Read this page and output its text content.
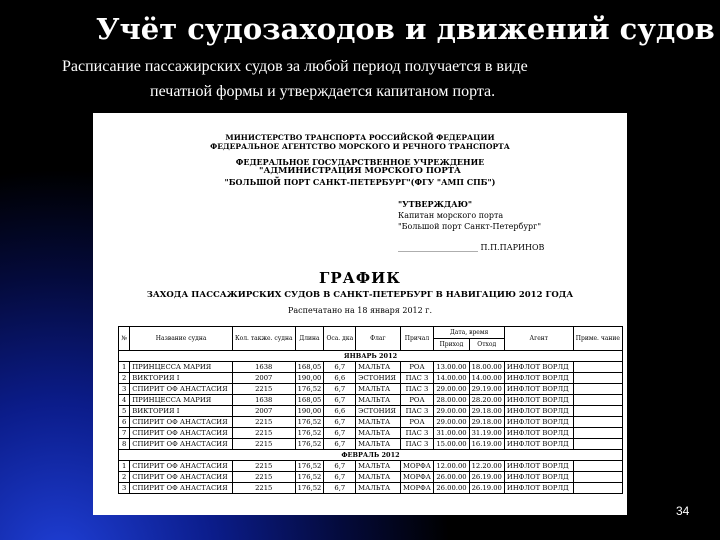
Учёт судозаходов и движений судов
Расписание пассажирских судов за любой период получается в виде
печатной формы и утверждается капитаном порта.
МИНИСТЕРСТВО ТРАНСПОРТА РОССИЙСКОЙ ФЕДЕРАЦИИ
ФЕДЕРАЛЬНОЕ АГЕНТСТВО МОРСКОГО И РЕЧНОГО ТРАНСПОРТА
ФЕДЕРАЛЬНОЕ ГОСУДАРСТВЕННОЕ УЧРЕЖДЕНИЕ
"АДМИНИСТРАЦИЯ МОРСКОГО ПОРТА
"БОЛЬШОЙ ПОРТ САНКТ-ПЕТЕРБУРГ"(ФГУ "АМП СПБ")
"УТВЕРЖДАЮ"
Капитан морского порта
"Большой порт Санкт-Петербург"
____________________ П.П.ПАРИНОВ
ГРАФИК
ЗАХОДА ПАССАЖИРСКИХ СУДОВ В САНКТ-ПЕТЕРБУРГ В НАВИГАЦИЮ 2012 ГОДА
Распечатано на 18 января 2012 г.
№	Название судна	Кол. также. судна	Длина	Оса. дка	Флаг	Причал	Дата, время		Агент	Приме. чание
							Приход	Отход		
ЯНВАРЬ 2012										
1	ПРИНЦЕССА МАРИЯ	1638	168,05	6,7	МАЛЬТА	РОА	13.00.00	18.00.00	ИНФЛОТ ВОРЛД	
2	ВИКТОРИЯ I	2007	190,00	6,6	ЭСТОНИЯ	ПАС 3	14.00.00	14.00.00	ИНФЛОТ ВОРЛД	
3	СПИРИТ ОФ АНАСТАСИЯ	2215	176,52	6,7	МАЛЬТА	ПАС 3	29.00.00	29.19.00	ИНФЛОТ ВОРЛД	
4	ПРИНЦЕССА МАРИЯ	1638	168,05	6,7	МАЛЬТА	РОА	28.00.00	28.20.00	ИНФЛОТ ВОРЛД	
5	ВИКТОРИЯ I	2007	190,00	6,6	ЭСТОНИЯ	ПАС 3	29.00.00	29.18.00	ИНФЛОТ ВОРЛД	
6	СПИРИТ ОФ АНАСТАСИЯ	2215	176,52	6,7	МАЛЬТА	РОА	29.00.00	29.18.00	ИНФЛОТ ВОРЛД	
7	СПИРИТ ОФ АНАСТАСИЯ	2215	176,52	6,7	МАЛЬТА	ПАС 3	31.00.00	31.19.00	ИНФЛОТ ВОРЛД	
8	СПИРИТ ОФ АНАСТАСИЯ	2215	176,52	6,7	МАЛЬТА	ПАС 3	15.00.00	16.19.00	ИНФЛОТ ВОРЛД	
ФЕВРАЛЬ 2012										
1	СПИРИТ ОФ АНАСТАСИЯ	2215	176,52	6,7	МАЛЬТА	МОРФА	12.00.00	12.20.00	ИНФЛОТ ВОРЛД	
2	СПИРИТ ОФ АНАСТАСИЯ	2215	176,52	6,7	МАЛЬТА	МОРФА	26.00.00	26.19.00	ИНФЛОТ ВОРЛД	
3	СПИРИТ ОФ АНАСТАСИЯ	2215	176,52	6,7	МАЛЬТА	МОРФА	26.00.00	26.19.00	ИНФЛОТ ВОРЛД	
34
